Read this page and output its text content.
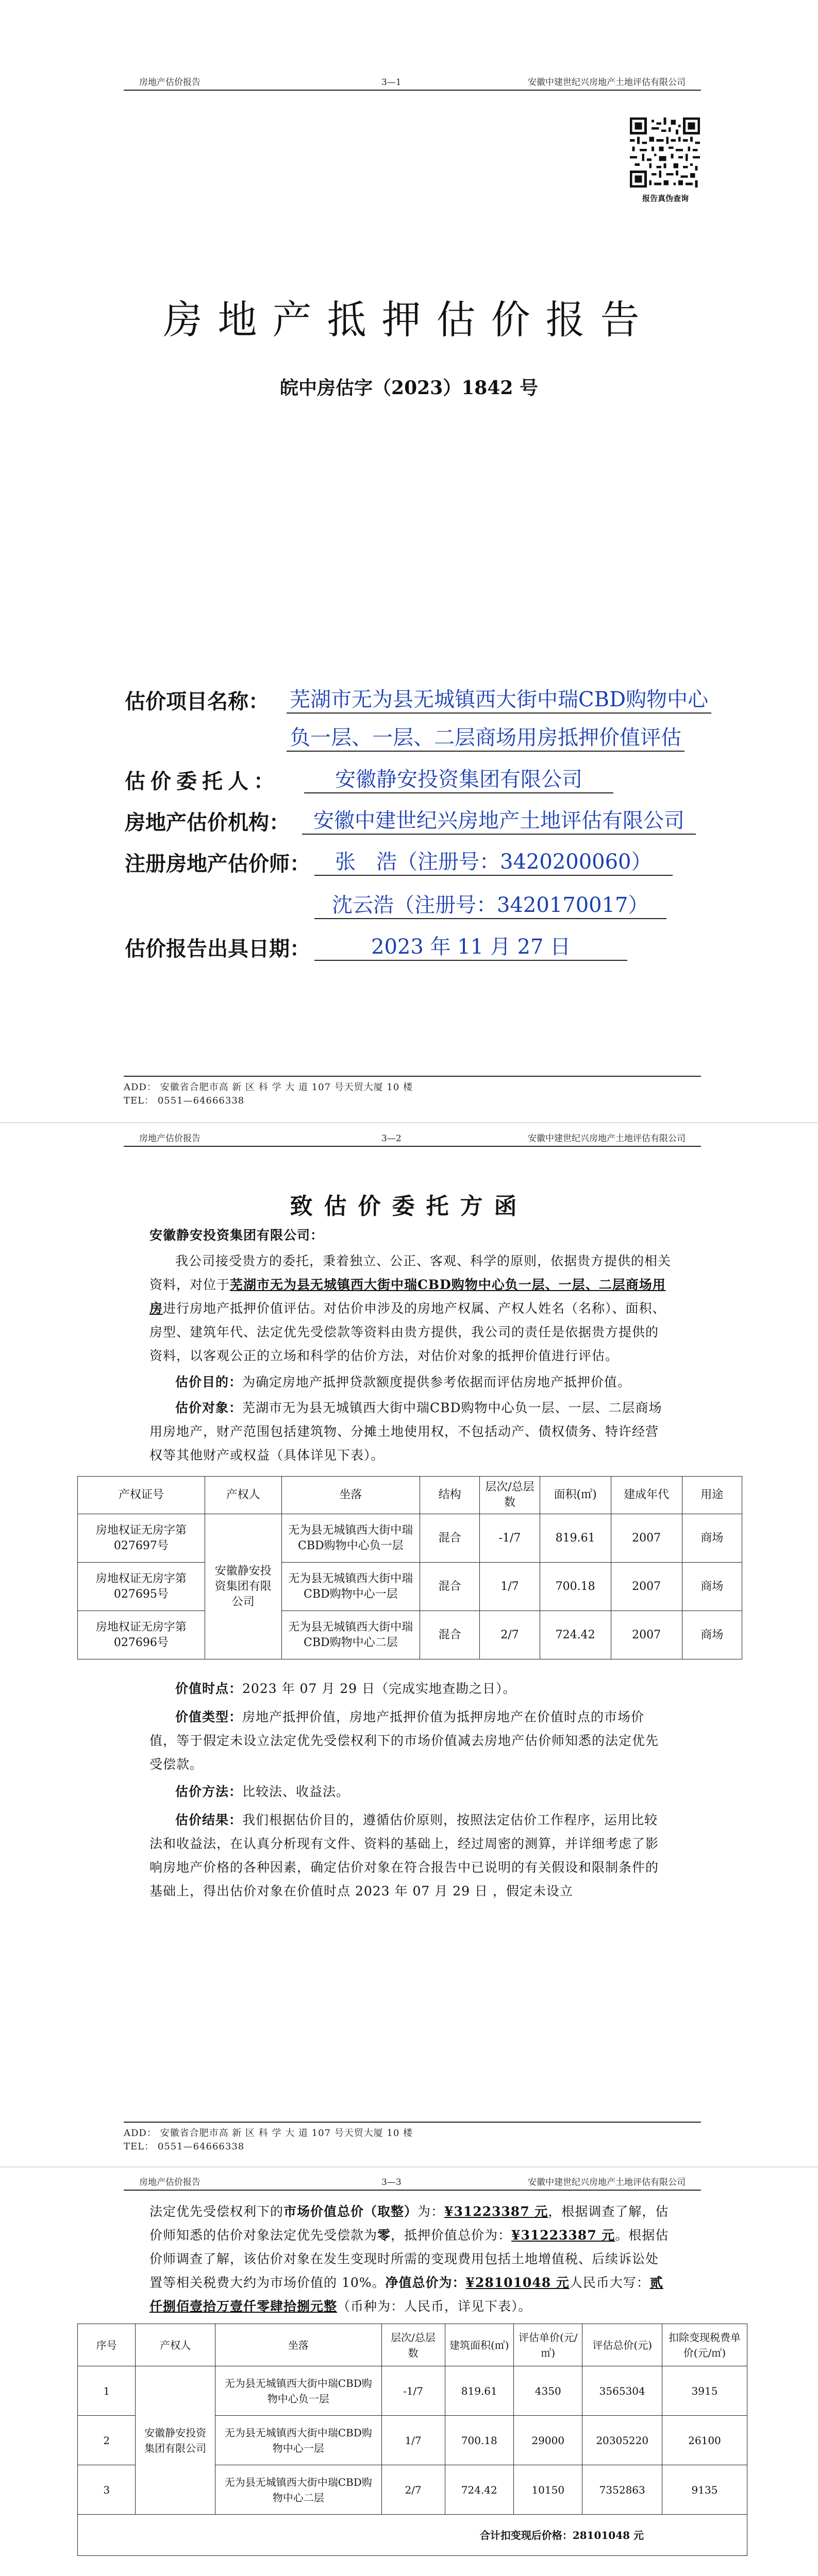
房地产估价报告	3—1	安徽中建世纪兴房地产土地评估有限公司
报告真伪查询
房地产抵押估价报告
皖中房估字（2023）1842 号
估价项目名称： 芜湖市无为县无城镇西大街中瑞CBD购物中心
负一层、一层、二层商场用房抵押价值评估
估价委托人：	安徽静安投资集团有限公司
房地产估价机构：	安徽中建世纪兴房地产土地评估有限公司
注册房地产估价师：	张　浩（注册号：3420200060）
沈云浩（注册号：3420170017）
估价报告出具日期：	2023 年 11 月 27 日
ADD： 安徽省合肥市高 新 区 科 学 大 道 107 号天贸大厦 10 楼
TEL： 0551—64666338
房地产估价报告	3—2	安徽中建世纪兴房地产土地评估有限公司
致估价委托方函
安徽静安投资集团有限公司：
我公司接受贵方的委托，秉着独立、公正、客观、科学的原则，依据贵方提供的相关资料，对位于芜湖市无为县无城镇西大街中瑞CBD购物中心负一层、一层、二层商场用房进行房地产抵押价值评估。对估价申涉及的房地产权属、产权人姓名（名称）、面积、房型、建筑年代、法定优先受偿款等资料由贵方提供，我公司的责任是依据贵方提供的资料，以客观公正的立场和科学的估价方法，对估价对象的抵押价值进行评估。
估价目的：为确定房地产抵押贷款额度提供参考依据而评估房地产抵押价值。
估价对象：芜湖市无为县无城镇西大街中瑞CBD购物中心负一层、一层、二层商场用房地产，财产范围包括建筑物、分摊土地使用权，不包括动产、债权债务、特许经营权等其他财产或权益（具体详见下表）。
产权证号	产权人	坐落	结构	层次/总层数	面积(㎡)	建成年代	用途
房地权证无房字第027697号	安徽静安投资集团有限公司	无为县无城镇西大街中瑞CBD购物中心负一层	混合	-1/7	819.61	2007	商场
房地权证无房字第027695号		无为县无城镇西大街中瑞CBD购物中心一层	混合	1/7	700.18	2007	商场
房地权证无房字第027696号		无为县无城镇西大街中瑞CBD购物中心二层	混合	2/7	724.42	2007	商场
价值时点：2023 年 07 月 29 日（完成实地查勘之日）。
价值类型：房地产抵押价值，房地产抵押价值为抵押房地产在价值时点的市场价值，等于假定未设立法定优先受偿权利下的市场价值减去房地产估价师知悉的法定优先受偿款。
估价方法：比较法、收益法。
估价结果：我们根据估价目的，遵循估价原则，按照法定估价工作程序，运用比较法和收益法，在认真分析现有文件、资料的基础上，经过周密的测算，并详细考虑了影响房地产价格的各种因素，确定估价对象在符合报告中已说明的有关假设和限制条件的基础上，得出估价对象在价值时点 2023 年 07 月 29 日 ，假定未设立
ADD： 安徽省合肥市高 新 区 科 学 大 道 107 号天贸大厦 10 楼
TEL： 0551—64666338
房地产估价报告	3—3	安徽中建世纪兴房地产土地评估有限公司
法定优先受偿权利下的市场价值总价（取整）为：¥31223387 元，根据调查了解，估价师知悉的估价对象法定优先受偿款为零，抵押价值总价为：¥31223387 元。根据估价师调查了解，该估价对象在发生变现时所需的变现费用包括土地增值税、后续诉讼处置等相关税费大约为市场价值的 10%。净值总价为：¥28101048 元人民币大写：贰仟捌佰壹拾万壹仟零肆拾捌元整（币种为：人民币，详见下表）。
序号	产权人	坐落	层次/总层数	建筑面积(㎡)	评估单价(元/㎡)	评估总价(元)	扣除变现税费单价(元/㎡)
1	安徽静安投资集团有限公司	无为县无城镇西大街中瑞CBD购物中心负一层	-1/7	819.61	4350	3565304	3915
2		无为县无城镇西大街中瑞CBD购物中心一层	1/7	700.18	29000	20305220	26100
3		无为县无城镇西大街中瑞CBD购物中心二层	2/7	724.42	10150	7352863	9135
合计扣变现后价格：28101048 元							
